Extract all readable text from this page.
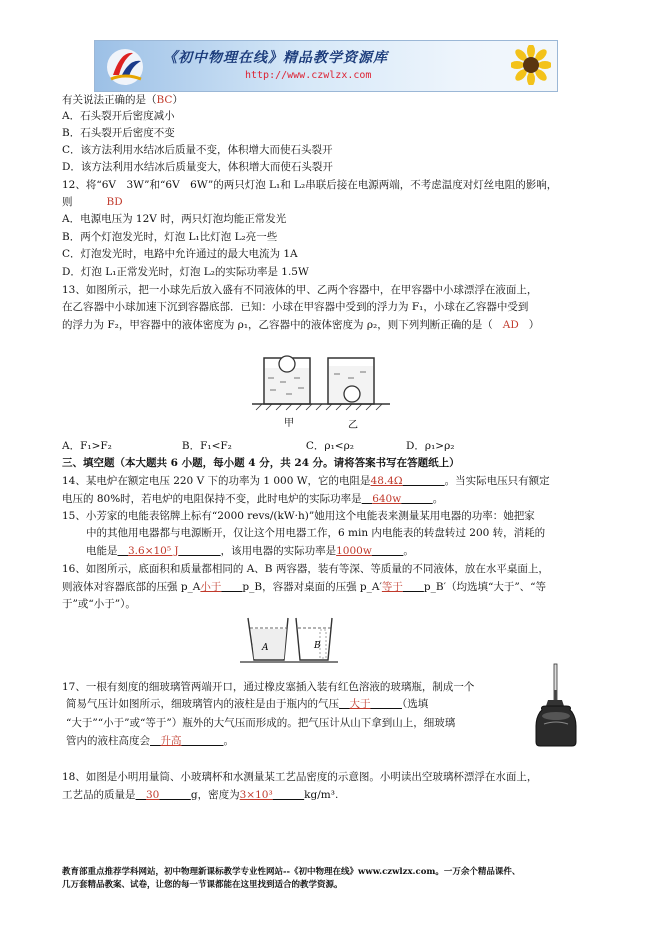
《初中物理在线》精品教学资源库
http://www.czwlzx.com
有关说法正确的是（BC）
A．石头裂开后密度减小
B．石头裂开后密度不变
C．该方法利用水结冰后质量不变，体积增大而使石头裂开
D．该方法利用水结冰后质量变大，体积增大而使石头裂开
12、将“6V　3W”和“6V　6W”的两只灯泡 L₁和 L₂串联后接在电源两端，不考虑温度对灯丝电阻的影响，
则	BD
A．电源电压为 12V 时，两只灯泡均能正常发光
B．两个灯泡发光时，灯泡 L₁比灯泡 L₂亮一些
C．灯泡发光时，电路中允许通过的最大电流为 1A
D．灯泡 L₁正常发光时，灯泡 L₂的实际功率是 1.5W
13、如图所示，把一小球先后放入盛有不同液体的甲、乙两个容器中，在甲容器中小球漂浮在液面上，
在乙容器中小球加速下沉到容器底部．已知：小球在甲容器中受到的浮力为 F₁，小球在乙容器中受到
的浮力为 F₂，甲容器中的液体密度为 ρ₁，乙容器中的液体密度为 ρ₂，则下列判断正确的是（ AD ）
甲	乙
A．F₁>F₂	B．F₁<F₂	C．ρ₁<ρ₂	D．ρ₁>ρ₂
三、填空题（本大题共 6 小题，每小题 4 分，共 24 分。请将答案书写在答题纸上）
14、某电炉在额定电压 220 V 下的功率为 1 000 W，它的电阻是48.4Ω　　　　	。当实际电压只有额定
电压的 80%时，若电炉的电阻保持不变，此时电炉的实际功率是　 640w　　　	。
15、小芳家的电能表铭牌上标有“2000 revs/(kW·h)”她用这个电能表来测量某用电器的功率：她把家
中的其他用电器都与电源断开，仅让这个用电器工作，6 min 内电能表的转盘转过 200 转，消耗的
电能是　 3.6×10⁵ J　　　　	，该用电器的实际功率是1000w　　　	。
16、如图所示，底面积和质量都相同的 A、B 两容器，装有等深、等质量的不同液体，放在水平桌面上，
则液体对容器底部的压强 p_A小于　　 p_B，容器对桌面的压强 p_A′等于　　 p_B′（均选填“大于”、“等
于”或“小于”）。
A	B
17、一根有刻度的细玻璃管两端开口，通过橡皮塞插入装有红色溶液的玻璃瓶，制成一个
简易气压计如图所示，细玻璃管内的液柱是由于瓶内的气压　 大于　　　	（选填
“大于”“小于”或“等于”）瓶外的大气压而形成的。把气压计从山下拿到山上，细玻璃
管内的液柱高度会　 升高　　　　	。
18、如图是小明用量筒、小玻璃杯和水测量某工艺品密度的示意图。小明读出空玻璃杯漂浮在水面上，
工艺品的质量是　 30　　　	g，密度为3×10³　　　	kg/m³.
教育部重点推荐学科网站，初中物理新课标教学专业性网站--《初中物理在线》www.czwlzx.com。一万余个精品课件、
几万套精品教案、试卷，让您的每一节课都能在这里找到适合的教学资源。
